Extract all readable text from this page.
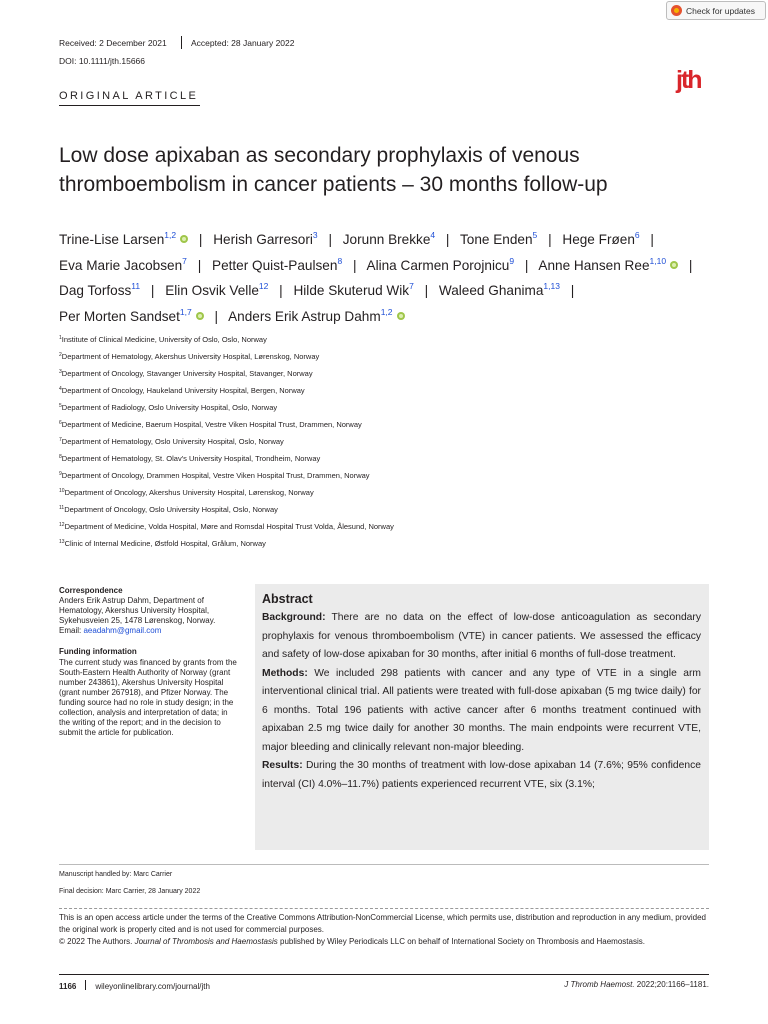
Check for updates
Received: 2 December 2021	Accepted: 28 January 2022
DOI: 10.1111/jth.15666
ORIGINAL ARTICLE
jth
Low dose apixaban as secondary prophylaxis of venous thromboembolism in cancer patients – 30 months follow-up
Trine-Lise Larsen$^{1,2}$ | Herish Garresori$^3$ | Jorunn Brekke$^4$ | Tone Enden$^5$ | Hege Frøen$^6$ | Eva Marie Jacobsen$^7$ | Petter Quist-Paulsen$^8$ | Alina Carmen Porojnicu$^9$ | Anne Hansen Ree$^{1,10}$ | Dag Torfoss$^{11}$ | Elin Osvik Velle$^{12}$ | Hilde Skuterud Wik$^7$ | Waleed Ghanima$^{1,13}$ | Per Morten Sandset$^{1,7}$ | Anders Erik Astrup Dahm$^{1,2}$
$^1$Institute of Clinical Medicine, University of Oslo, Oslo, Norway
$^2$Department of Hematology, Akershus University Hospital, Lørenskog, Norway
$^3$Department of Oncology, Stavanger University Hospital, Stavanger, Norway
$^4$Department of Oncology, Haukeland University Hospital, Bergen, Norway
$^5$Department of Radiology, Oslo University Hospital, Oslo, Norway
$^6$Department of Medicine, Baerum Hospital, Vestre Viken Hospital Trust, Drammen, Norway
$^7$Department of Hematology, Oslo University Hospital, Oslo, Norway
$^8$Department of Hematology, St. Olav's University Hospital, Trondheim, Norway
$^9$Department of Oncology, Drammen Hospital, Vestre Viken Hospital Trust, Drammen, Norway
$^{10}$Department of Oncology, Akershus University Hospital, Lørenskog, Norway
$^{11}$Department of Oncology, Oslo University Hospital, Oslo, Norway
$^{12}$Department of Medicine, Volda Hospital, Møre and Romsdal Hospital Trust Volda, Ålesund, Norway
$^{13}$Clinic of Internal Medicine, Østfold Hospital, Grålum, Norway

Correspondence

Anders Erik Astrup Dahm, Department of Hematology, Akershus University Hospital, Sykehusveien 25, 1478 Lørenskog, Norway.

Email: aeadahm@gmail.com

Funding information

The current study was financed by grants from the South-Eastern Health Authority of Norway (grant number 243861), Akershus University Hospital (grant number 267918), and Pfizer Norway. The funding source had no role in study design; in the collection, analysis and interpretation of data; in the writing of the report; and in the decision to submit the article for publication.

Abstract

Background: There are no data on the effect of low-dose anticoagulation as secondary prophylaxis for venous thromboembolism (VTE) in cancer patients. We assessed the efficacy and safety of low-dose apixaban for 30 months, after initial 6 months of full-dose treatment.

Methods: We included 298 patients with cancer and any type of VTE in a single arm interventional clinical trial. All patients were treated with full-dose apixaban (5 mg twice daily) for 6 months. Total 196 patients with active cancer after 6 months treatment continued with apixaban 2.5 mg twice daily for another 30 months. The main endpoints were recurrent VTE, major bleeding and clinically relevant non-major bleeding.

Results: During the 30 months of treatment with low-dose apixaban 14 (7.6%; 95% confidence interval (CI) 4.0%–11.7%) patients experienced recurrent VTE, six (3.1%;

Manuscript handled by: Marc Carrier
Final decision: Marc Carrier, 28 January 2022

This is an open access article under the terms of the Creative Commons Attribution-NonCommercial License, which permits use, distribution and reproduction in any medium, provided the original work is properly cited and is not used for commercial purposes.

© 2022 The Authors. Journal of Thrombosis and Haemostasis published by Wiley Periodicals LLC on behalf of International Society on Thrombosis and Haemostasis.

1166 wileyonlinelibrary.com/journal/jth	J Thromb Haemost. 2022;20:1166–1181.
